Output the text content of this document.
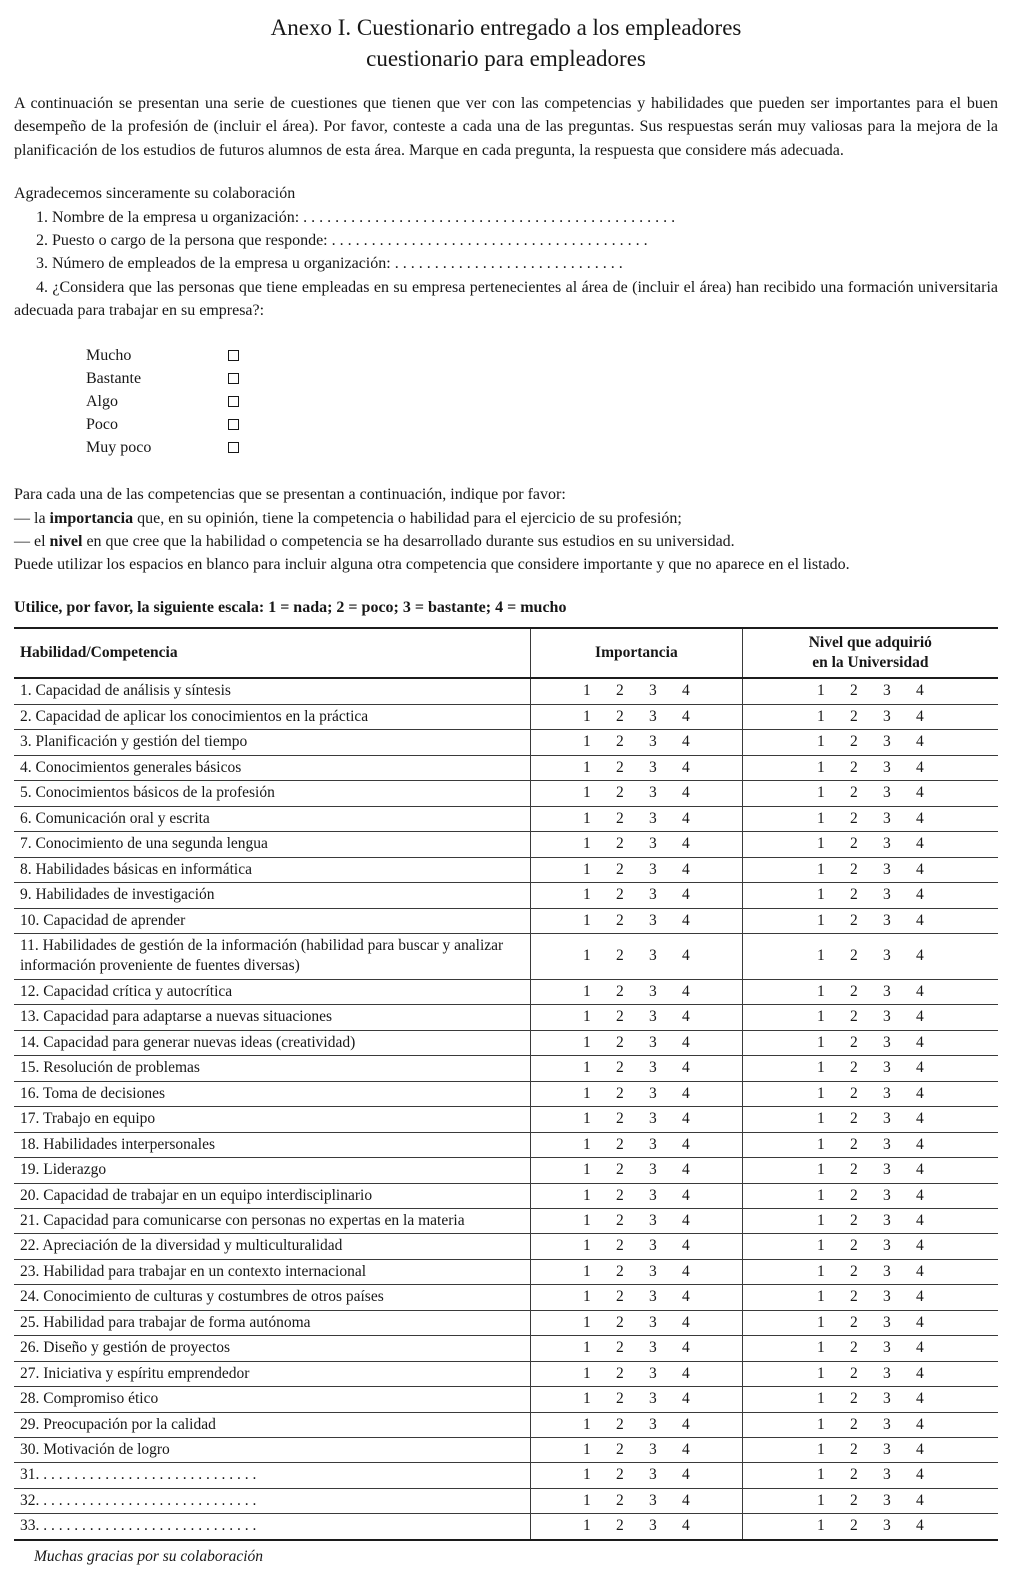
Anexo I. Cuestionario entregado a los empleadores
cuestionario para empleadores

A continuación se presentan una serie de cuestiones que tienen que ver con las competencias y habilidades que pueden ser importantes para el buen desempeño de la profesión de (incluir el área). Por favor, conteste a cada una de las preguntas. Sus respuestas serán muy valiosas para la mejora de la planificación de los estudios de futuros alumnos de esta área. Marque en cada pregunta, la respuesta que considere más adecuada.

Agradecemos sinceramente su colaboración

1. Nombre de la empresa u organización: . . . . . . . . . . . . . . . . . . . . . . . . . . . . . . . . . . . . . . . . . . . . . . .

2. Puesto o cargo de la persona que responde: . . . . . . . . . . . . . . . . . . . . . . . . . . . . . . . . . . . . . . . .

3. Número de empleados de la empresa u organización: . . . . . . . . . . . . . . . . . . . . . . . . . . . . .

4. ¿Considera que las personas que tiene empleadas en su empresa pertenecientes al área de (incluir el área) han recibido una formación universitaria adecuada para trabajar en su empresa?:

Mucho
Bastante
Algo
Poco
Muy poco

Para cada una de las competencias que se presentan a continuación, indique por favor:

— la importancia que, en su opinión, tiene la competencia o habilidad para el ejercicio de su profesión;

— el nivel en que cree que la habilidad o competencia se ha desarrollado durante sus estudios en su universidad.

Puede utilizar los espacios en blanco para incluir alguna otra competencia que considere importante y que no aparece en el listado.

Utilice, por favor, la siguiente escala: 1 = nada; 2 = poco; 3 = bastante; 4 = mucho

Habilidad/Competencia	Importancia	Nivel que adquirió
en la Universidad

1. Capacidad de análisis y síntesis	1 2 3 4	1 2 3 4

2. Capacidad de aplicar los conocimientos en la práctica	1 2 3 4	1 2 3 4

3. Planificación y gestión del tiempo	1 2 3 4	1 2 3 4

4. Conocimientos generales básicos	1 2 3 4	1 2 3 4

5. Conocimientos básicos de la profesión	1 2 3 4	1 2 3 4

6. Comunicación oral y escrita	1 2 3 4	1 2 3 4

7. Conocimiento de una segunda lengua	1 2 3 4	1 2 3 4

8. Habilidades básicas en informática	1 2 3 4	1 2 3 4

9. Habilidades de investigación	1 2 3 4	1 2 3 4

10. Capacidad de aprender	1 2 3 4	1 2 3 4

11. Habilidades de gestión de la información (habilidad para buscar y analizar información proveniente de fuentes diversas)	1 2 3 4	1 2 3 4

12. Capacidad crítica y autocrítica	1 2 3 4	1 2 3 4

13. Capacidad para adaptarse a nuevas situaciones	1 2 3 4	1 2 3 4

14. Capacidad para generar nuevas ideas (creatividad)	1 2 3 4	1 2 3 4

15. Resolución de problemas	1 2 3 4	1 2 3 4

16. Toma de decisiones	1 2 3 4	1 2 3 4

17. Trabajo en equipo	1 2 3 4	1 2 3 4

18. Habilidades interpersonales	1 2 3 4	1 2 3 4

19. Liderazgo	1 2 3 4	1 2 3 4

20. Capacidad de trabajar en un equipo interdisciplinario	1 2 3 4	1 2 3 4

21. Capacidad para comunicarse con personas no expertas en la materia	1 2 3 4	1 2 3 4

22. Apreciación de la diversidad y multiculturalidad	1 2 3 4	1 2 3 4

23. Habilidad para trabajar en un contexto internacional	1 2 3 4	1 2 3 4

24. Conocimiento de culturas y costumbres de otros países	1 2 3 4	1 2 3 4

25. Habilidad para trabajar de forma autónoma	1 2 3 4	1 2 3 4

26. Diseño y gestión de proyectos	1 2 3 4	1 2 3 4

27. Iniciativa y espíritu emprendedor	1 2 3 4	1 2 3 4

28. Compromiso ético	1 2 3 4	1 2 3 4

29. Preocupación por la calidad	1 2 3 4	1 2 3 4

30. Motivación de logro	1 2 3 4	1 2 3 4

31. . . . . . . . . . . . . . . . . . . . . . . . . . . . .	1 2 3 4	1 2 3 4

32. . . . . . . . . . . . . . . . . . . . . . . . . . . . .	1 2 3 4	1 2 3 4

33. . . . . . . . . . . . . . . . . . . . . . . . . . . . .	1 2 3 4	1 2 3 4

Muchas gracias por su colaboración
